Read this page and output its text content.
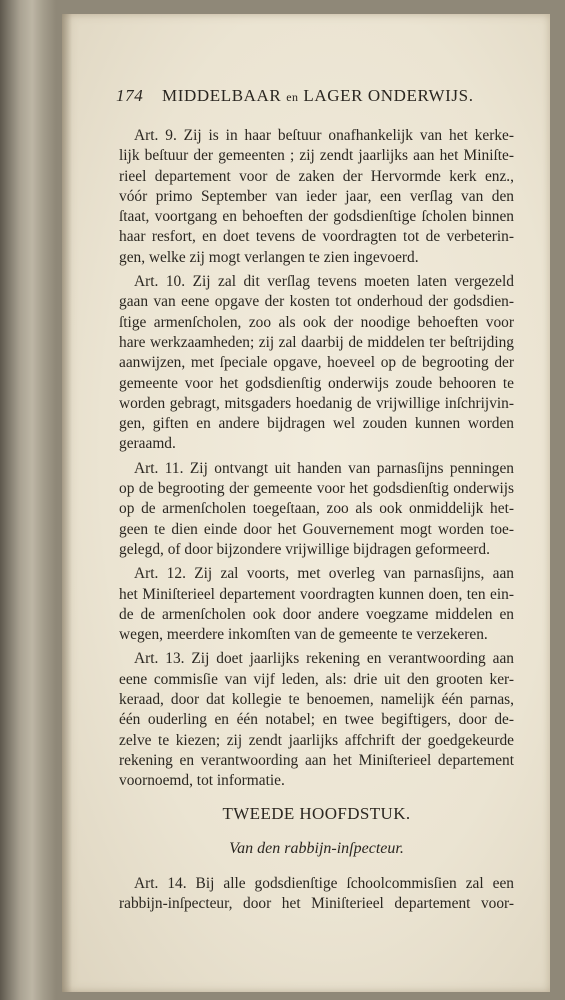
174 MIDDELBAAR en LAGER ONDERWIJS.
Art. 9. Zij is in haar beſtuur onafhankelijk van het kerke-
lijk beſtuur der gemeenten ; zij zendt jaarlijks aan het Miniſte-
rieel departement voor de zaken der Hervormde kerk enz.,
vóór primo September van ieder jaar, een verſlag van den
ſtaat, voortgang en behoeften der godsdienſtige ſcholen binnen
haar resfort, en doet tevens de voordragten tot de verbeterin-
gen, welke zij mogt verlangen te zien ingevoerd.
Art. 10. Zij zal dit verſlag tevens moeten laten vergezeld
gaan van eene opgave der kosten tot onderhoud der godsdien-
ſtige armenſcholen, zoo als ook der noodige behoeften voor
hare werkzaamheden; zij zal daarbij de middelen ter beſtrijding
aanwijzen, met ſpeciale opgave, hoeveel op de begrooting der
gemeente voor het godsdienſtig onderwijs zoude behooren te
worden gebragt, mitsgaders hoedanig de vrijwillige inſchrijvin-
gen, giften en andere bijdragen wel zouden kunnen worden
geraamd.
Art. 11. Zij ontvangt uit handen van parnasſijns penningen
op de begrooting der gemeente voor het godsdienſtig onderwijs
op de armenſcholen toegeſtaan, zoo als ook onmiddelijk het-
geen te dien einde door het Gouvernement mogt worden toe-
gelegd, of door bijzondere vrijwillige bijdragen geformeerd.
Art. 12. Zij zal voorts, met overleg van parnasſijns, aan
het Miniſterieel departement voordragten kunnen doen, ten ein-
de de armenſcholen ook door andere voegzame middelen en
wegen, meerdere inkomſten van de gemeente te verzekeren.
Art. 13. Zij doet jaarlijks rekening en verantwoording aan
eene commisſie van vijf leden, als: drie uit den grooten ker-
keraad, door dat kollegie te benoemen, namelijk één parnas,
één ouderling en één notabel; en twee begiftigers, door de-
zelve te kiezen; zij zendt jaarlijks affchrift der goedgekeurde
rekening en verantwoording aan het Miniſterieel departement
voornoemd, tot informatie.
TWEEDE HOOFDSTUK.
Van den rabbijn-inſpecteur.
Art. 14. Bij alle godsdienſtige ſchoolcommisſien zal een
rabbijn-inſpecteur, door het Miniſterieel departement voor-
